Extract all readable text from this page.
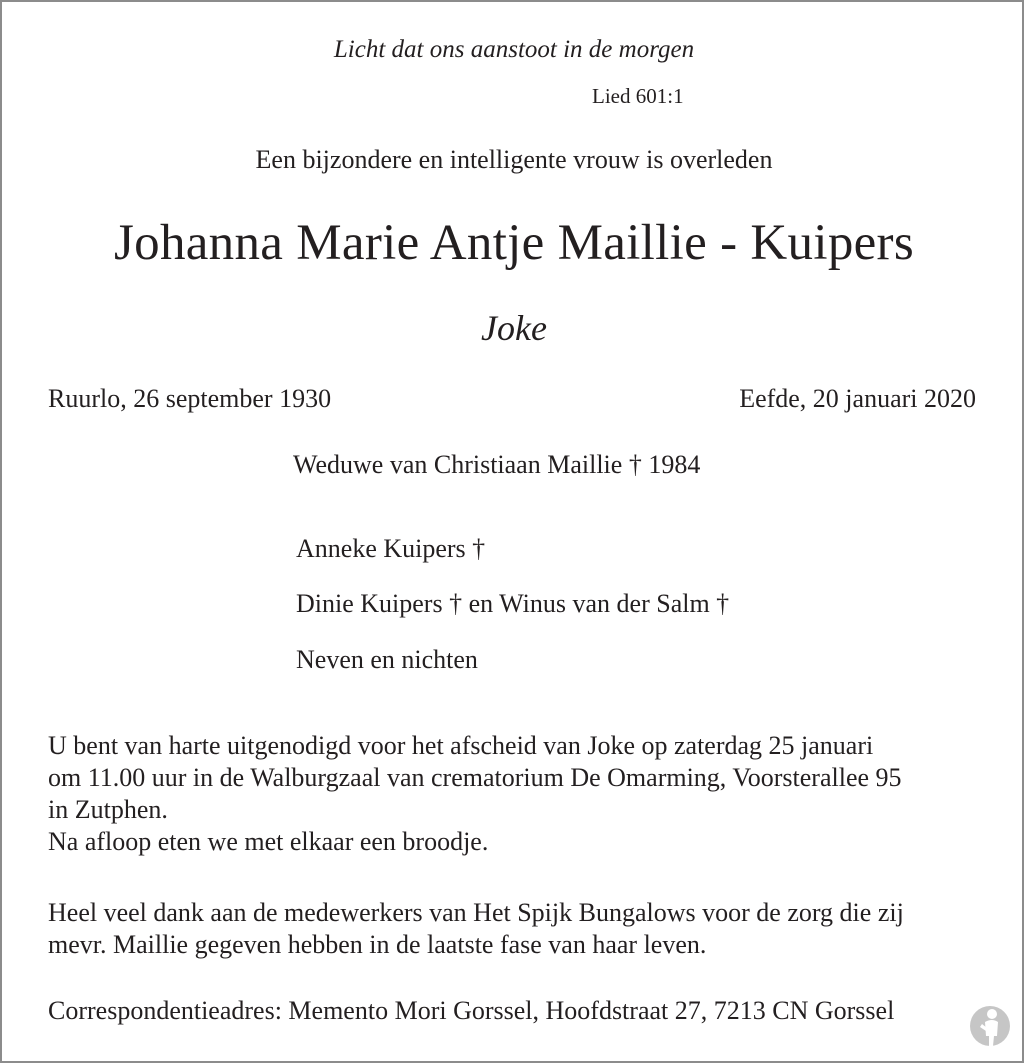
Licht dat ons aanstoot in de morgen
Lied 601:1
Een bijzondere en intelligente vrouw is overleden
Johanna Marie Antje Maillie - Kuipers
Joke
Ruurlo, 26 september 1930	Eefde, 20 januari 2020
Weduwe van Christiaan Maillie † 1984
Anneke Kuipers †
Dinie Kuipers † en Winus van der Salm †
Neven en nichten
U bent van harte uitgenodigd voor het afscheid van Joke op zaterdag 25 januari
om 11.00 uur in de Walburgzaal van crematorium De Omarming, Voorsterallee 95
in Zutphen.
Na afloop eten we met elkaar een broodje.
Heel veel dank aan de medewerkers van Het Spijk Bungalows voor de zorg die zij
mevr. Maillie gegeven hebben in de laatste fase van haar leven.
Correspondentieadres: Memento Mori Gorssel, Hoofdstraat 27, 7213 CN Gorssel
